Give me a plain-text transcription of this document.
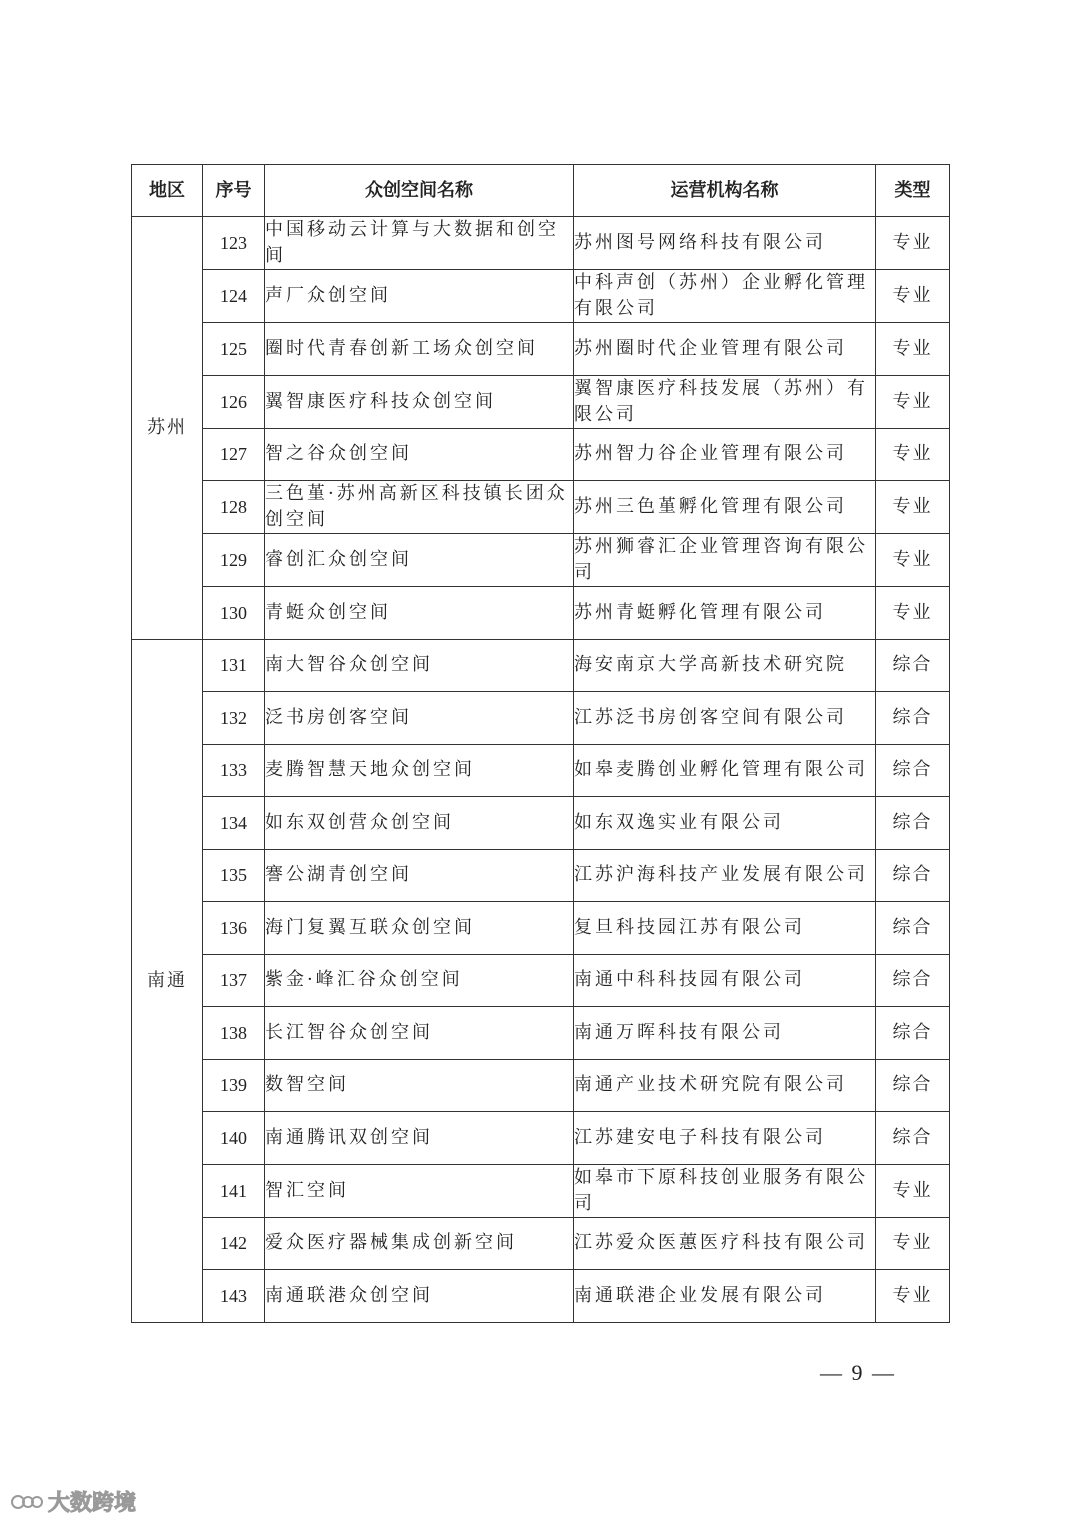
地区	序号	众创空间名称	运营机构名称	类型
苏州	123	中国移动云计算与大数据和创空间	苏州图号网络科技有限公司	专业
	124	声厂众创空间	中科声创（苏州）企业孵化管理有限公司	专业
	125	圈时代青春创新工场众创空间	苏州圈时代企业管理有限公司	专业
	126	翼智康医疗科技众创空间	翼智康医疗科技发展（苏州）有限公司	专业
	127	智之谷众创空间	苏州智力谷企业管理有限公司	专业
	128	三色堇·苏州高新区科技镇长团众创空间	苏州三色堇孵化管理有限公司	专业
	129	睿创汇众创空间	苏州狮睿汇企业管理咨询有限公司	专业
	130	青蜓众创空间	苏州青蜓孵化管理有限公司	专业
南通	131	南大智谷众创空间	海安南京大学高新技术研究院	综合
	132	泛书房创客空间	江苏泛书房创客空间有限公司	综合
	133	麦腾智慧天地众创空间	如皋麦腾创业孵化管理有限公司	综合
	134	如东双创营众创空间	如东双逸实业有限公司	综合
	135	謇公湖青创空间	江苏沪海科技产业发展有限公司	综合
	136	海门复翼互联众创空间	复旦科技园江苏有限公司	综合
	137	紫金·峰汇谷众创空间	南通中科科技园有限公司	综合
	138	长江智谷众创空间	南通万晖科技有限公司	综合
	139	数智空间	南通产业技术研究院有限公司	综合
	140	南通腾讯双创空间	江苏建安电子科技有限公司	综合
	141	智汇空间	如皋市下原科技创业服务有限公司	专业
	142	爱众医疗器械集成创新空间	江苏爱众医蕙医疗科技有限公司	专业
	143	南通联港众创空间	南通联港企业发展有限公司	专业
— 9 —
大数跨境
